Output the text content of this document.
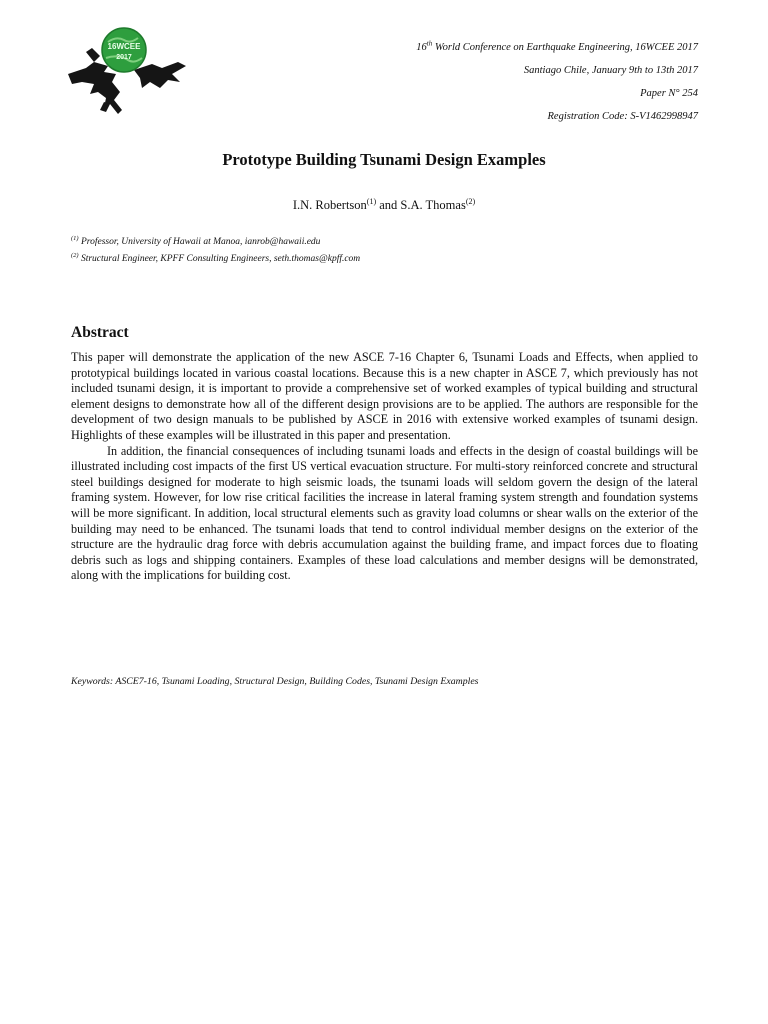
16WCEE
2017
16th World Conference on Earthquake Engineering, 16WCEE 2017
Santiago Chile, January 9th to 13th 2017
Paper N° 254
Registration Code: S-V1462998947
Prototype Building Tsunami Design Examples
I.N. Robertson$^{(1)}$ and S.A. Thomas$^{(2)}$
$^{(1)}$ Professor, University of Hawaii at Manoa, ianrob@hawaii.edu
$^{(2)}$ Structural Engineer, KPFF Consulting Engineers, seth.thomas@kpff.com
Abstract

This paper will demonstrate the application of the new ASCE 7-16 Chapter 6, Tsunami Loads and Effects, when applied to prototypical buildings located in various coastal locations. Because this is a new chapter in ASCE 7, which previously has not included tsunami design, it is important to provide a comprehensive set of worked examples of typical building and structural element designs to demonstrate how all of the different design provisions are to be applied. The authors are responsible for the development of two design manuals to be published by ASCE in 2016 with extensive worked examples of tsunami design. Highlights of these examples will be illustrated in this paper and presentation.

In addition, the financial consequences of including tsunami loads and effects in the design of coastal buildings will be illustrated including cost impacts of the first US vertical evacuation structure. For multi-story reinforced concrete and structural steel buildings designed for moderate to high seismic loads, the tsunami loads will seldom govern the design of the lateral framing system. However, for low rise critical facilities the increase in lateral framing system strength and foundation systems will be more significant. In addition, local structural elements such as gravity load columns or shear walls on the exterior of the building may need to be enhanced. The tsunami loads that tend to control individual member designs on the exterior of the structure are the hydraulic drag force with debris accumulation against the building frame, and impact forces due to floating debris such as logs and shipping containers. Examples of these load calculations and member designs will be demonstrated, along with the implications for building cost.

Keywords: ASCE7-16, Tsunami Loading, Structural Design, Building Codes, Tsunami Design Examples
